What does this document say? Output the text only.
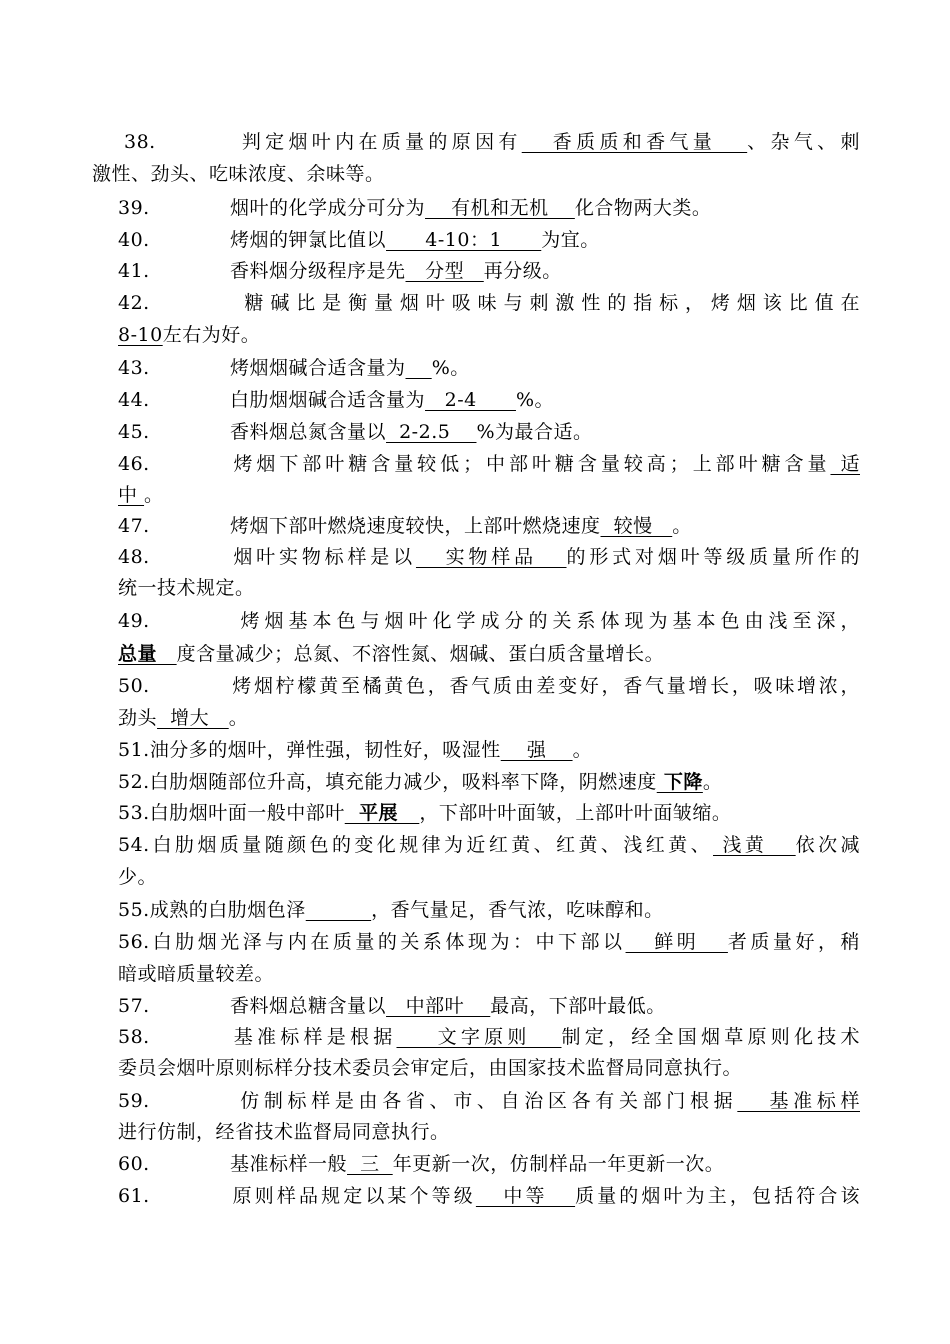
38.	判定烟叶内在质量的原因有   香质质和香气量   、杂气、刺
激性、劲头、吃味浓度、余味等。
39.	烟叶的化学成分可分为    有机和无机    化合物两大类。
40.	烤烟的钾氯比值以      4-10：1      为宜。
41.	香料烟分级程序是先   分型   再分级。
42.	糖碱比是衡量烟叶吸味与刺激性的指标，烤烟该比值在
8-10左右为好。
43.	烤烟烟碱合适含量为 %。
44.	白肋烟烟碱合适含量为   2-4      %。
45.	香料烟总氮含量以  2-2.5    %为最合适。
46.	烤烟下部叶糖含量较低；中部叶糖含量较高；上部叶糖含量 适
中 。
47.	烤烟下部叶燃烧速度较快，上部叶燃烧速度  较慢   。
48.	烟叶实物标样是以   实物样品   的形式对烟叶等级质量所作的
统一技术规定。
49.	烤烟基本色与烟叶化学成分的关系体现为基本色由浅至深，
总量 度含量减少；总氮、不溶性氮、烟碱、蛋白质含量增长。
50.	烤烟柠檬黄至橘黄色，香气质由差变好，香气量增长，吸味增浓，
劲头  增大   。
51.油分多的烟叶，弹性强，韧性好，吸湿性    强    。
52.白肋烟随部位升高，填充能力减少，吸料率下降，阴燃速度 下降。
53.白肋烟叶面一般中部叶  平展   ，下部叶叶面皱，上部叶叶面皱缩。
54.白肋烟质量随颜色的变化规律为近红黄、红黄、浅红黄、 浅黄   依次减
少。
55.成熟的白肋烟色泽	，香气量足，香气浓，吃味醇和。
56.白肋烟光泽与内在质量的关系体现为：中下部以   鲜明   者质量好，稍
暗或暗质量较差。
57.	香料烟总糖含量以   中部叶    最高，下部叶最低。
58.	基准标样是根据    文字原则   制定，经全国烟草原则化技术
委员会烟叶原则标样分技术委员会审定后，由国家技术监督局同意执行。
59.	仿制标样是由各省、市、自治区各有关部门根据   基准标样
进行仿制，经省技术监督局同意执行。
60.	基准标样一般  三  年更新一次，仿制样品一年更新一次。
61.	原则样品规定以某个等级   中等   质量的烟叶为主，包括符合该
